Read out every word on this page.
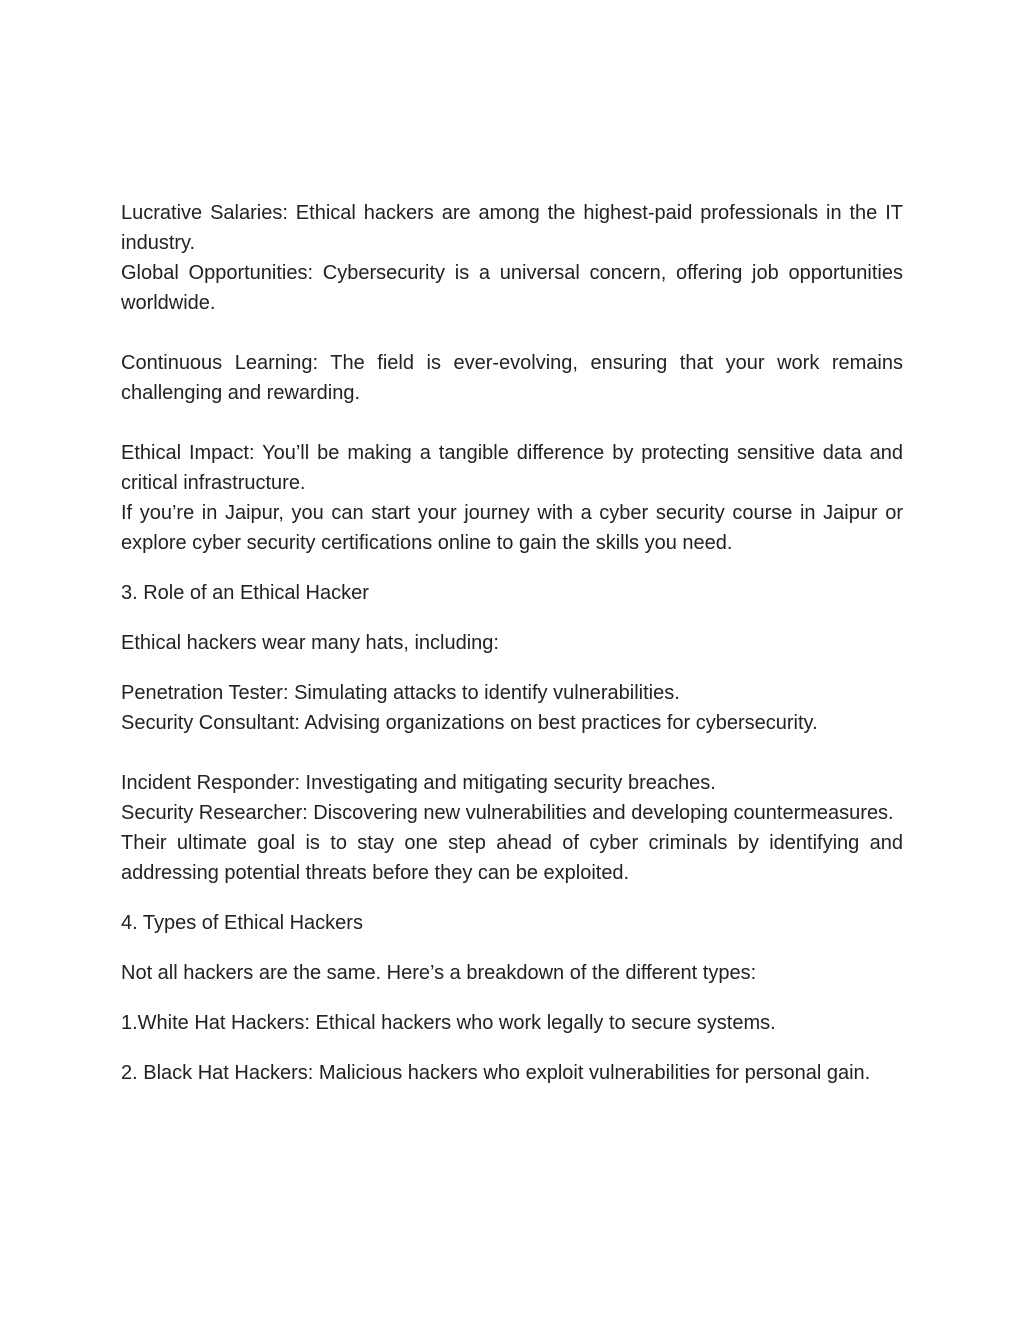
Lucrative Salaries: Ethical hackers are among the highest-paid professionals in the IT industry.

Global Opportunities: Cybersecurity is a universal concern, offering job opportunities worldwide.

Continuous Learning: The field is ever-evolving, ensuring that your work remains challenging and rewarding.

Ethical Impact: You’ll be making a tangible difference by protecting sensitive data and critical infrastructure.

If you’re in Jaipur, you can start your journey with a cyber security course in Jaipur or explore cyber security certifications online to gain the skills you need.

3. Role of an Ethical Hacker

Ethical hackers wear many hats, including:

Penetration Tester: Simulating attacks to identify vulnerabilities.

Security Consultant: Advising organizations on best practices for cybersecurity.

Incident Responder: Investigating and mitigating security breaches.

Security Researcher: Discovering new vulnerabilities and developing countermeasures.

Their ultimate goal is to stay one step ahead of cyber criminals by identifying and addressing potential threats before they can be exploited.

4. Types of Ethical Hackers

Not all hackers are the same. Here’s a breakdown of the different types:

1.White Hat Hackers: Ethical hackers who work legally to secure systems.

2. Black Hat Hackers: Malicious hackers who exploit vulnerabilities for personal gain.
